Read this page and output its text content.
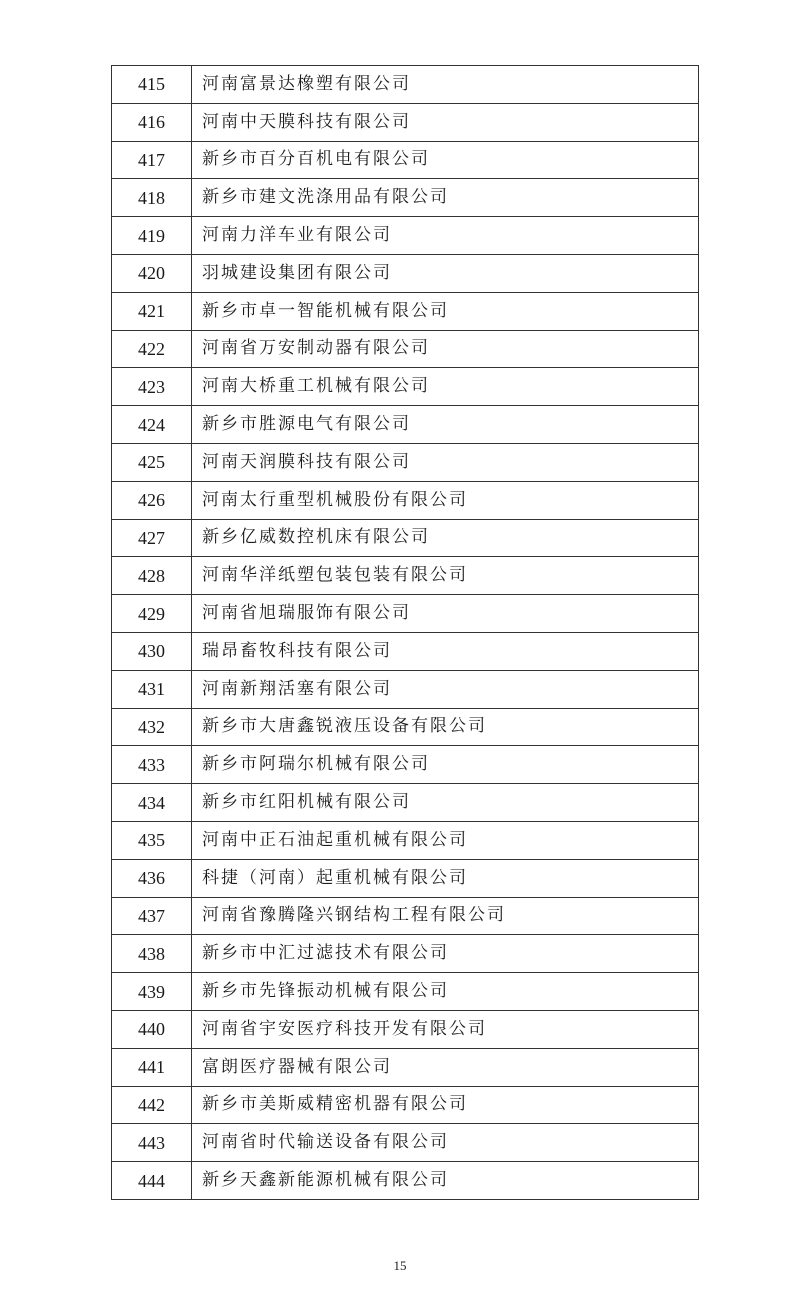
415	河南富景达橡塑有限公司
416	河南中天膜科技有限公司
417	新乡市百分百机电有限公司
418	新乡市建文洗涤用品有限公司
419	河南力洋车业有限公司
420	羽城建设集团有限公司
421	新乡市卓一智能机械有限公司
422	河南省万安制动器有限公司
423	河南大桥重工机械有限公司
424	新乡市胜源电气有限公司
425	河南天润膜科技有限公司
426	河南太行重型机械股份有限公司
427	新乡亿威数控机床有限公司
428	河南华洋纸塑包装包装有限公司
429	河南省旭瑞服饰有限公司
430	瑞昂畜牧科技有限公司
431	河南新翔活塞有限公司
432	新乡市大唐鑫锐液压设备有限公司
433	新乡市阿瑞尔机械有限公司
434	新乡市红阳机械有限公司
435	河南中正石油起重机械有限公司
436	科捷（河南）起重机械有限公司
437	河南省豫腾隆兴钢结构工程有限公司
438	新乡市中汇过滤技术有限公司
439	新乡市先锋振动机械有限公司
440	河南省宇安医疗科技开发有限公司
441	富朗医疗器械有限公司
442	新乡市美斯威精密机器有限公司
443	河南省时代输送设备有限公司
444	新乡天鑫新能源机械有限公司
15
